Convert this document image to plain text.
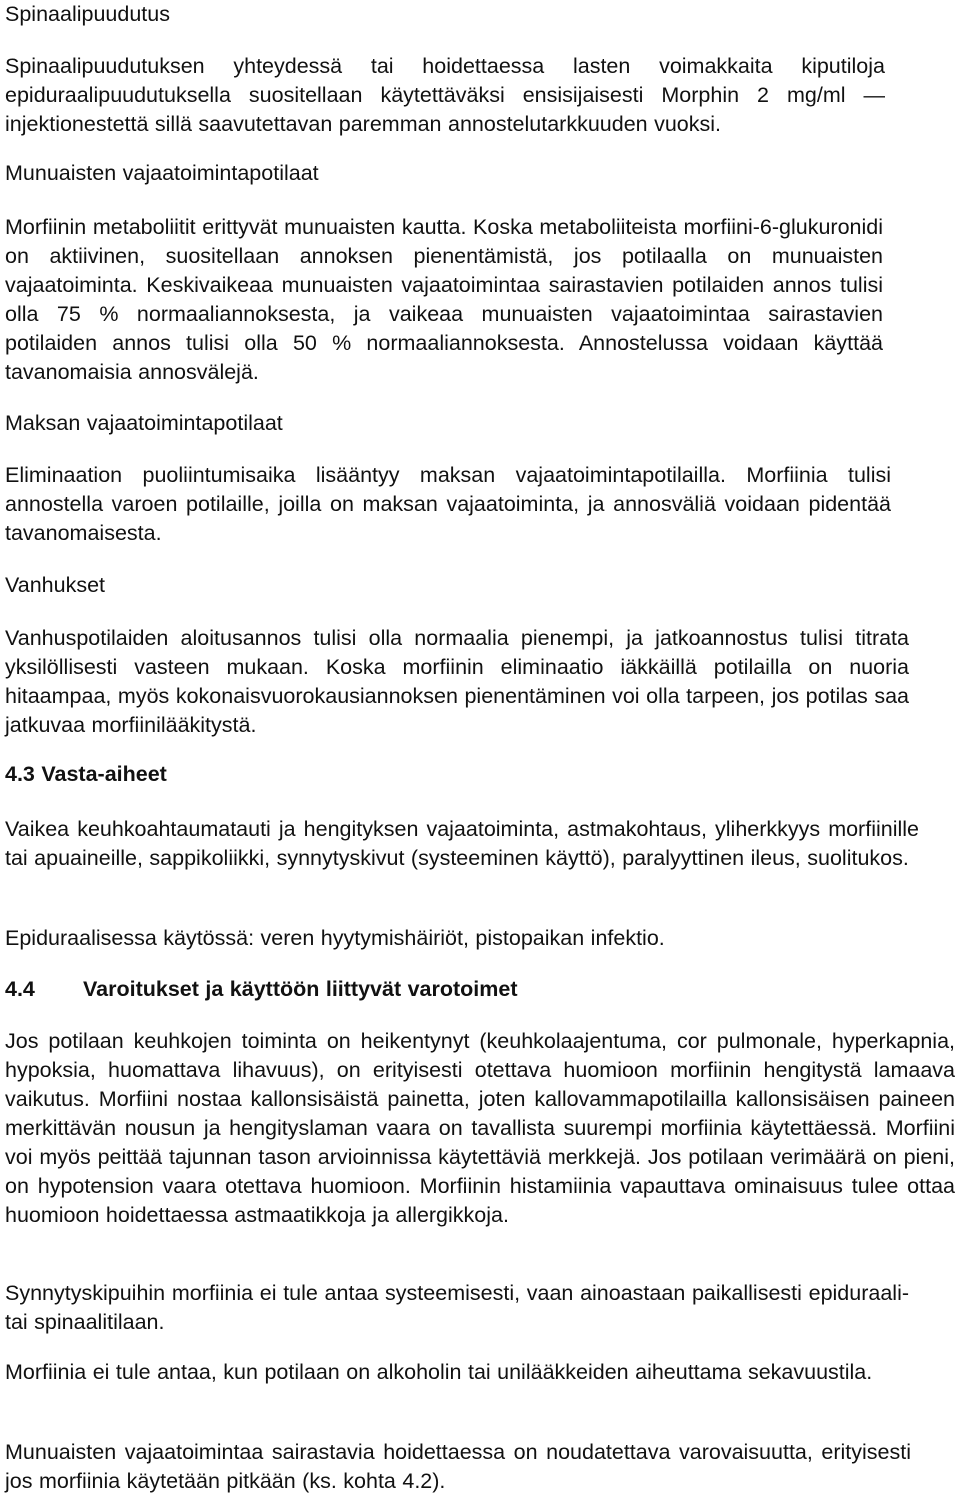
Spinaalipuudutus

Spinaalipuudutuksen yhteydessä tai hoidettaessa lasten voimakkaita kiputiloja epiduraalipuudutuksella suositellaan käytettäväksi ensisijaisesti Morphin 2 mg/ml —injektionestettä sillä saavutettavan paremman annostelutarkkuuden vuoksi.

Munuaisten vajaatoimintapotilaat

Morfiinin metaboliitit erittyvät munuaisten kautta. Koska metaboliiteista morfiini-6-glukuronidi on aktiivinen, suositellaan annoksen pienentämistä, jos potilaalla on munuaisten vajaatoiminta. Keskivaikeaa munuaisten vajaatoimintaa sairastavien potilaiden annos tulisi olla 75 % normaaliannoksesta, ja vaikeaa munuaisten vajaatoimintaa sairastavien potilaiden annos tulisi olla 50 % normaaliannoksesta. Annostelussa voidaan käyttää tavanomaisia annosvälejä.

Maksan vajaatoimintapotilaat

Eliminaation puoliintumisaika lisääntyy maksan vajaatoimintapotilailla. Morfiinia tulisi annostella varoen potilaille, joilla on maksan vajaatoiminta, ja annosväliä voidaan pidentää tavanomaisesta.

Vanhukset

Vanhuspotilaiden aloitusannos tulisi olla normaalia pienempi, ja jatkoannostus tulisi titrata yksilöllisesti vasteen mukaan. Koska morfiinin eliminaatio iäkkäillä potilailla on nuoria hitaampaa, myös kokonaisvuorokausiannoksen pienentäminen voi olla tarpeen, jos potilas saa jatkuvaa morfiinilääkitystä.

4.3 Vasta-aiheet

Vaikea keuhkoahtaumatauti ja hengityksen vajaatoiminta, astmakohtaus, yliherkkyys morfiinille tai apuaineille, sappikoliikki, synnytyskivut (systeeminen käyttö), paralyyttinen ileus, suolitukos.

Epiduraalisessa käytössä: veren hyytymishäiriöt, pistopaikan infektio.

4.4 Varoitukset ja käyttöön liittyvät varotoimet

Jos potilaan keuhkojen toiminta on heikentynyt (keuhkolaajentuma, cor pulmonale, hyperkapnia, hypoksia, huomattava lihavuus), on erityisesti otettava huomioon morfiinin hengitystä lamaava vaikutus. Morfiini nostaa kallonsisäistä painetta, joten kallovammapotilailla kallonsisäisen paineen merkittävän nousun ja hengityslaman vaara on tavallista suurempi morfiinia käytettäessä. Morfiini voi myös peittää tajunnan tason arvioinnissa käytettäviä merkkejä. Jos potilaan verimäärä on pieni, on hypotension vaara otettava huomioon. Morfiinin histamiinia vapauttava ominaisuus tulee ottaa huomioon hoidettaessa astmaatikkoja ja allergikkoja.

Synnytyskipuihin morfiinia ei tule antaa systeemisesti, vaan ainoastaan paikallisesti epiduraali- tai spinaalitilaan.

Morfiinia ei tule antaa, kun potilaan on alkoholin tai unilääkkeiden aiheuttama sekavuustila.

Munuaisten vajaatoimintaa sairastavia hoidettaessa on noudatettava varovaisuutta, erityisesti jos morfiinia käytetään pitkään (ks. kohta 4.2).
